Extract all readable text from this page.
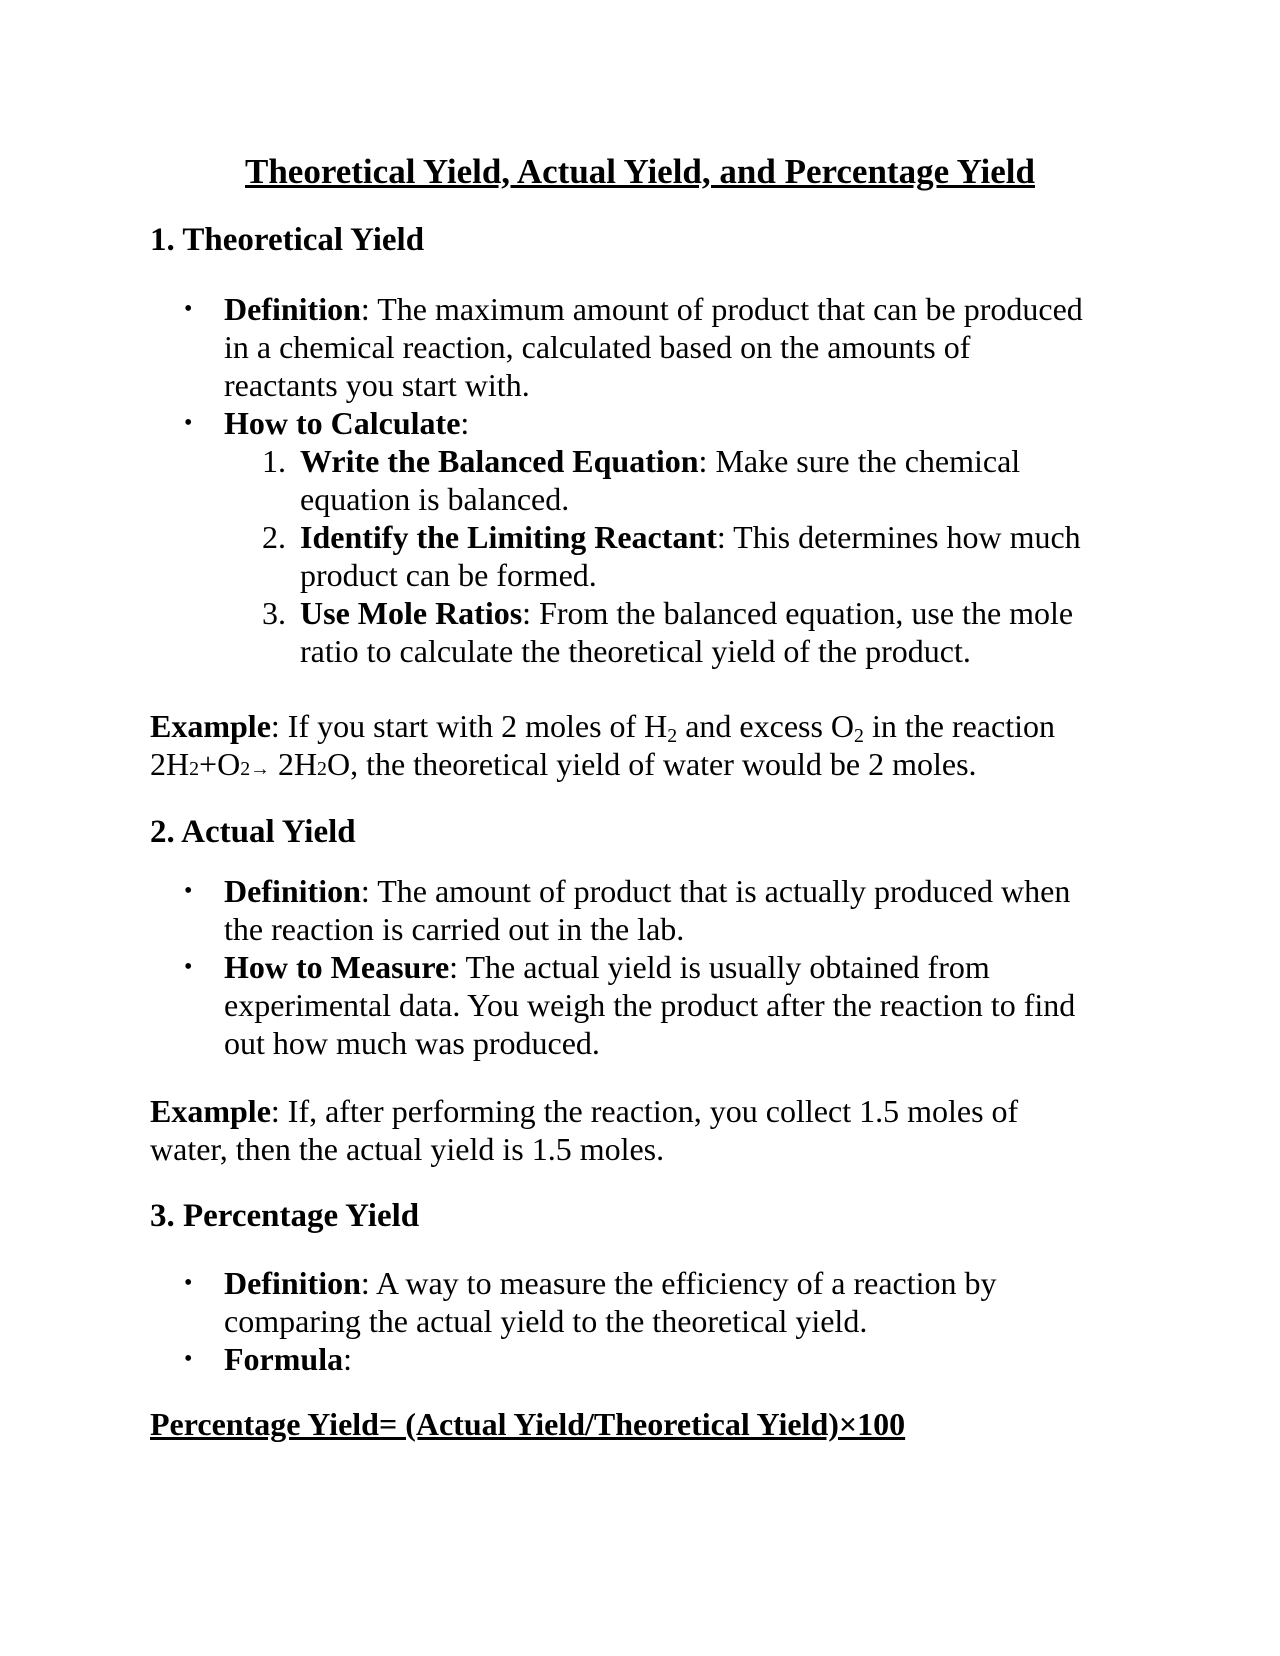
Theoretical Yield, Actual Yield, and Percentage Yield
1. Theoretical Yield
• Definition: The maximum amount of product that can be produced
in a chemical reaction, calculated based on the amounts of
reactants you start with.
• How to Calculate:
1. Write the Balanced Equation: Make sure the chemical
equation is balanced.
2. Identify the Limiting Reactant: This determines how much
product can be formed.
3. Use Mole Ratios: From the balanced equation, use the mole
ratio to calculate the theoretical yield of the product.
Example: If you start with 2 moles of $H_2$ and excess $O_2$ in the reaction
2H2+O2→ 2H2O, the theoretical yield of water would be 2 moles.
2. Actual Yield
• Definition: The amount of product that is actually produced when
the reaction is carried out in the lab.
• How to Measure: The actual yield is usually obtained from
experimental data. You weigh the product after the reaction to find
out how much was produced.
Example: If, after performing the reaction, you collect 1.5 moles of
water, then the actual yield is 1.5 moles.
3. Percentage Yield
• Definition: A way to measure the efficiency of a reaction by
comparing the actual yield to the theoretical yield.
• Formula:
Percentage Yield= (Actual Yield/Theoretical Yield)×100
